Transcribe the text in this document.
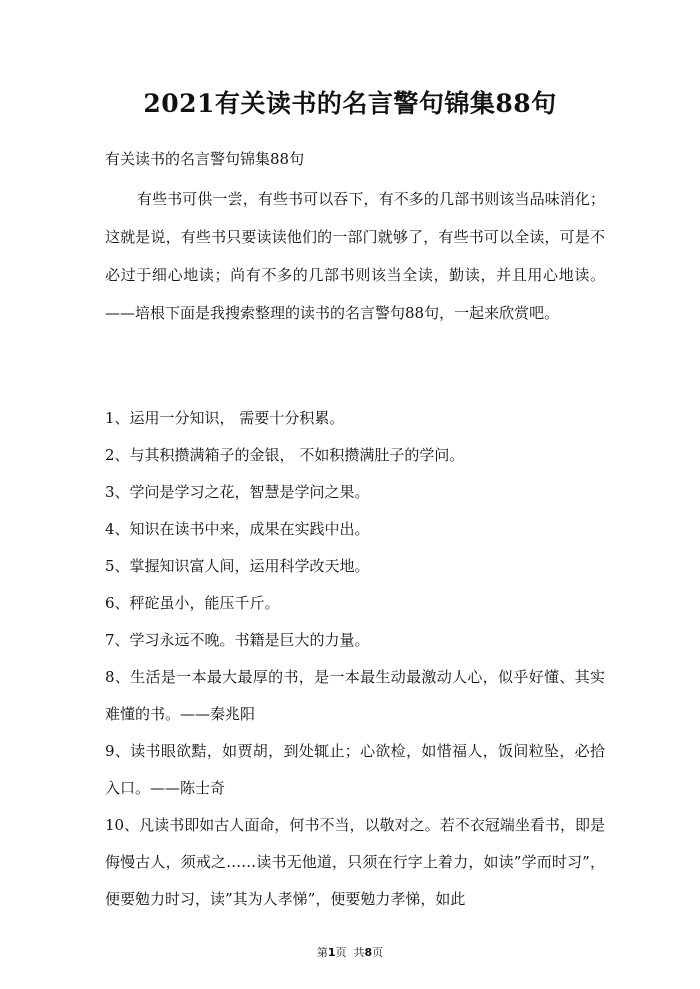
2021有关读书的名言警句锦集88句
有关读书的名言警句锦集88句

有些书可供一尝，有些书可以吞下，有不多的几部书则该当品味消化；这就是说，有些书只要读读他们的一部门就够了，有些书可以全读，可是不必过于细心地读；尚有不多的几部书则该当全读，勤读，并且用心地读。——培根下面是我搜索整理的读书的名言警句88句，一起来欣赏吧。

1、运用一分知识， 需要十分积累。
2、与其积攒满箱子的金银， 不如积攒满肚子的学问。
3、学问是学习之花，智慧是学问之果。
4、知识在读书中来，成果在实践中出。
5、掌握知识富人间，运用科学改天地。
6、秤砣虽小，能压千斤。
7、学习永远不晚。书籍是巨大的力量。
8、生活是一本最大最厚的书，是一本最生动最激动人心，似乎好懂、其实难懂的书。——秦兆阳
9、读书眼欲黠，如贾胡，到处辄止；心欲检，如惜福人，饭间粒坠，必拾入口。——陈士奇
10、凡读书即如古人面命，何书不当，以敬对之。若不衣冠端坐看书，即是侮慢古人，须戒之……读书无他道，只须在行字上着力，如读”学而时习”，便要勉力时习，读”其为人孝悌”，便要勉力孝悌，如此
第1页 共8页
